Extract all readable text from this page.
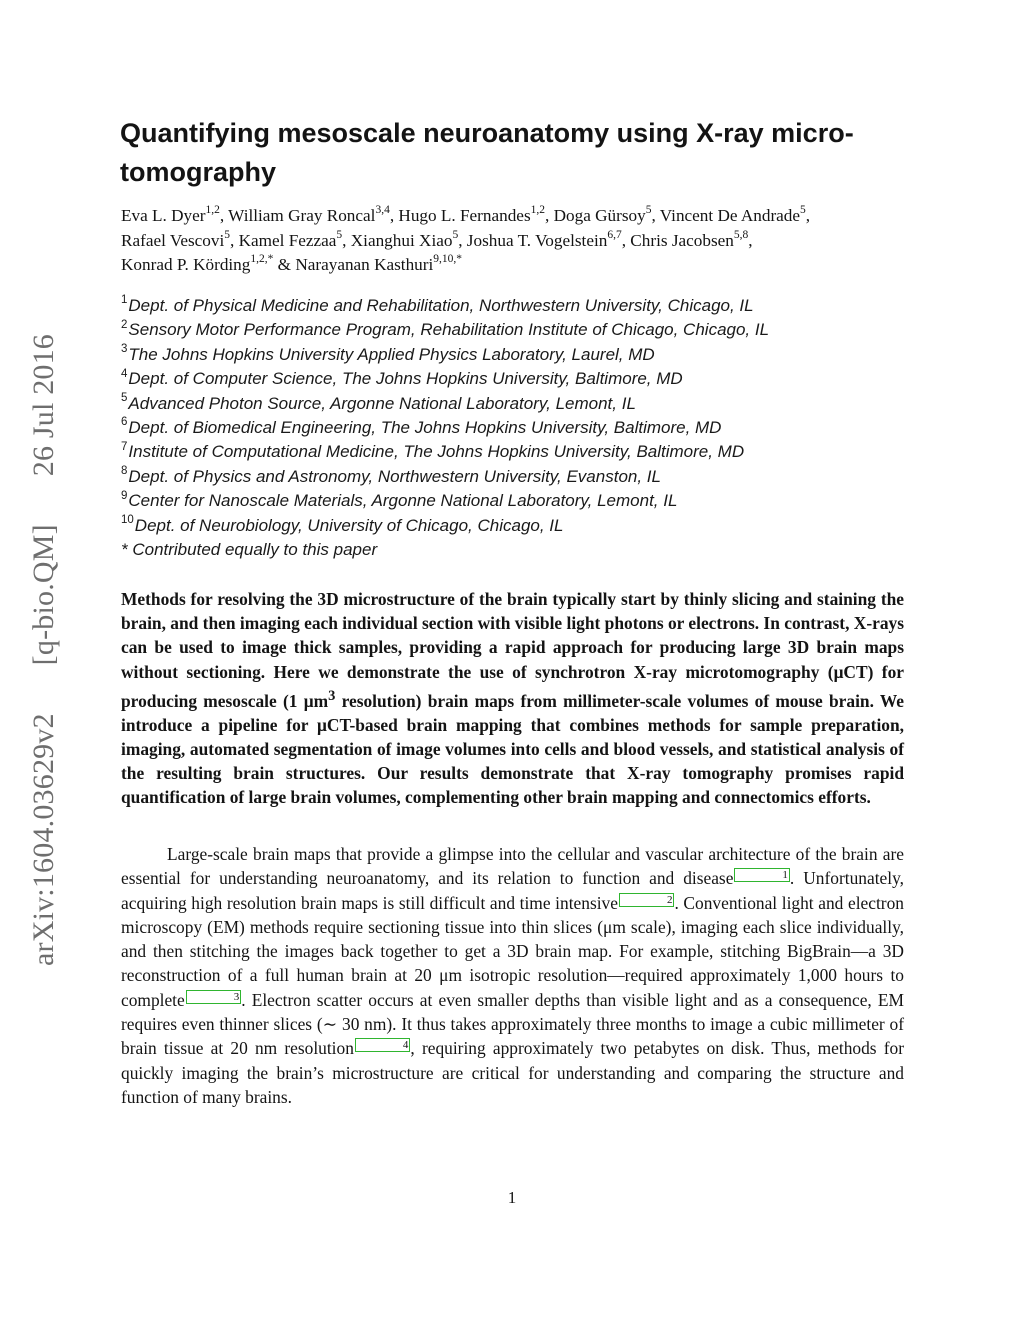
arXiv:1604.03629v2
[q-bio.QM]
26 Jul 2016
Quantifying mesoscale neuroanatomy using X-ray micro-tomography
Eva L. Dyer$^{1,2}$, William Gray Roncal$^{3,4}$, Hugo L. Fernandes$^{1,2}$, Doga Gürsoy$^5$, Vincent De Andrade$^5$, Rafael Vescovi$^5$, Kamel Fezzaa$^5$, Xianghui Xiao$^5$, Joshua T. Vogelstein$^{6,7}$, Chris Jacobsen$^{5,8}$,
Konrad P. Körding$^{1,2,*}$ & Narayanan Kasthuri$^{9,10,*}$
$^1$Dept. of Physical Medicine and Rehabilitation, Northwestern University, Chicago, IL
$^2$Sensory Motor Performance Program, Rehabilitation Institute of Chicago, Chicago, IL
$^3$The Johns Hopkins University Applied Physics Laboratory, Laurel, MD
$^4$Dept. of Computer Science, The Johns Hopkins University, Baltimore, MD
$^5$Advanced Photon Source, Argonne National Laboratory, Lemont, IL
$^6$Dept. of Biomedical Engineering, The Johns Hopkins University, Baltimore, MD
$^7$Institute of Computational Medicine, The Johns Hopkins University, Baltimore, MD
$^8$Dept. of Physics and Astronomy, Northwestern University, Evanston, IL
$^9$Center for Nanoscale Materials, Argonne National Laboratory, Lemont, IL
$^{10}$Dept. of Neurobiology, University of Chicago, Chicago, IL
* Contributed equally to this paper

Methods for resolving the 3D microstructure of the brain typically start by thinly slicing and staining the brain, and then imaging each individual section with visible light photons or electrons. In contrast, X-rays can be used to image thick samples, providing a rapid approach for producing large 3D brain maps without sectioning. Here we demonstrate the use of synchrotron X-ray microtomography (μCT) for producing mesoscale (1 $\mu m^3$ resolution) brain maps from millimeter-scale volumes of mouse brain. We introduce a pipeline for μCT-based brain mapping that combines methods for sample preparation, imaging, automated segmentation of image volumes into cells and blood vessels, and statistical analysis of the resulting brain structures. Our results demonstrate that X-ray tomography promises rapid quantification of large brain volumes, complementing other brain mapping and connectomics efforts.

Large-scale brain maps that provide a glimpse into the cellular and vascular architecture of the brain are essential for understanding neuroanatomy, and its relation to function and disease	1 . Unfortunately, acquiring high resolution brain maps is still difficult and time intensive	2 . Conventional light and electron microscopy (EM) methods require sectioning tissue into thin slices (μm scale), imaging each slice individually, and then stitching the images back together to get a 3D brain map. For example, stitching BigBrain—a 3D reconstruction of a full human brain at 20 μm isotropic resolution—required approximately 1,000 hours to complete	3 . Electron scatter occurs at even smaller depths than visible light and as a consequence, EM requires even thinner slices (∼ 30 nm). It thus takes approximately three months to image a cubic millimeter of brain tissue at 20 nm resolution	4 , requiring approximately two petabytes on disk. Thus, methods for quickly imaging the brain’s microstructure are critical for understanding and comparing the structure and function of many brains.

1
